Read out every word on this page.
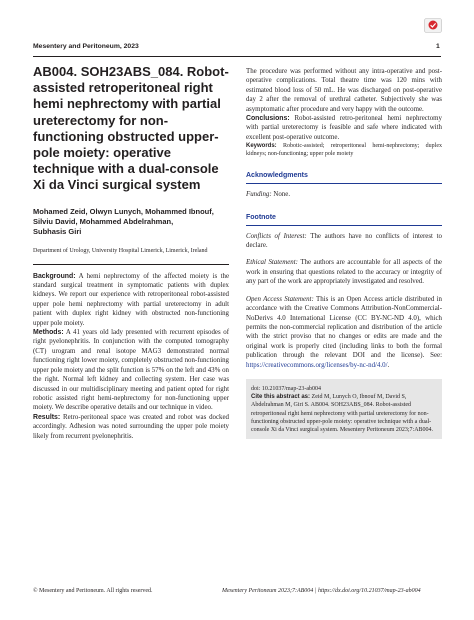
Mesentery and Peritoneum, 2023	1
AB004. SOH23ABS_084. Robot-assisted retroperitoneal right hemi nephrectomy with partial ureterectomy for non-functioning obstructed upper-pole moiety: operative technique with a dual-console Xi da Vinci surgical system
Mohamed Zeid, Olwyn Lunych, Mohammed Ibnouf,
Silviu David, Mohammed Abdelrahman,
Subhasis Giri
Department of Urology, University Hospital Limerick, Limerick, Ireland

Background: A hemi nephrectomy of the affected moiety is the standard surgical treatment in symptomatic patients with duplex kidneys. We report our experience with retroperitoneal robot-assisted upper pole hemi nephrectomy with partial ureterectomy in adult patient with duplex right kidney with obstructed non-functioning upper pole moiety.

Methods: A 41 years old lady presented with recurrent episodes of right pyelonephritis. In conjunction with the computed tomography (CT) urogram and renal isotope MAG3 demonstrated normal functioning right lower moiety, completely obstructed non-functioning upper pole moiety and the split function is 57% on the left and 43% on the right. Normal left kidney and collecting system. Her case was discussed in our multidisciplinary meeting and patient opted for right robotic assisted right hemi-nephrectomy for non-functioning upper moiety. We describe operative details and our technique in video.

Results: Retro-peritoneal space was created and robot was docked accordingly. Adhesion was noted surrounding the upper pole moiety likely from recurrent pyelonephritis.

The procedure was performed without any intra-operative and post-operative complications. Total theatre time was 120 mins with estimated blood loss of 50 mL. He was discharged on post-operative day 2 after the removal of urethral catheter. Subjectively she was asymptomatic after procedure and very happy with the outcome.

Conclusions: Robot-assisted retro-peritoneal hemi nephrectomy with partial ureterectomy is feasible and safe where indicated with excellent post-operative outcome.

Keywords: Robotic-assisted; retroperitoneal hemi-nephrectomy; duplex kidneys; non-functioning; upper pole moiety

Acknowledgments

Funding: None.

Footnote

Conflicts of Interest: The authors have no conflicts of interest to declare.

Ethical Statement: The authors are accountable for all aspects of the work in ensuring that questions related to the accuracy or integrity of any part of the work are appropriately investigated and resolved.

Open Access Statement: This is an Open Access article distributed in accordance with the Creative Commons Attribution-NonCommercial-NoDerivs 4.0 International License (CC BY-NC-ND 4.0), which permits the non-commercial replication and distribution of the article with the strict proviso that no changes or edits are made and the original work is properly cited (including links to both the formal publication through the relevant DOI and the license). See: https://creativecommons.org/licenses/by-nc-nd/4.0/.

doi: 10.21037/map-23-ab004
Cite this abstract as: Zeid M, Lunych O, Ibnouf M, David S, Abdelrahman M, Giri S. AB004. SOH23ABS_084. Robot-assisted retroperitoneal right hemi nephrectomy with partial ureterectomy for non-functioning obstructed upper-pole moiety: operative technique with a dual-console Xi da Vinci surgical system. Mesentery Peritoneum 2023;7:AB004.
© Mesentery and Peritoneum. All rights reserved.	Mesentery Peritoneum 2023;7:AB004 | https://dx.doi.org/10.21037/map-23-ab004
